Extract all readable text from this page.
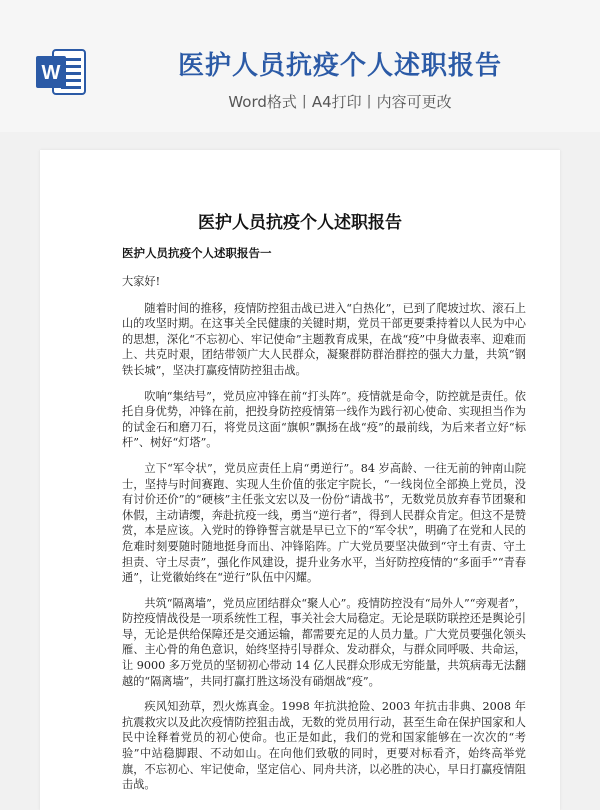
W	医护人员抗疫个人述职报告
Word格式丨A4打印丨内容可更改
医护人员抗疫个人述职报告
医护人员抗疫个人述职报告一

大家好!

随着时间的推移，疫情防控狙击战已进入“白热化”，已到了爬坡过坎、滚石上山的攻坚时期。在这事关全民健康的关键时期，党员干部更要秉持着以人民为中心的思想，深化“不忘初心、牢记使命”主题教育成果，在战“疫”中身做表率、迎难而上、共克时艰，团结带领广大人民群众，凝聚群防群治群控的强大力量，共筑“钢铁长城”，坚决打赢疫情防控狙击战。

吹响“集结号”，党员应冲锋在前“打头阵”。疫情就是命令，防控就是责任。依托自身优势，冲锋在前，把投身防控疫情第一线作为践行初心使命、实现担当作为的试金石和磨刀石，将党员这面“旗帜”飘扬在战“疫”的最前线，为后来者立好“标杆”、树好“灯塔”。

立下“军令状”，党员应责任上肩“勇逆行”。84 岁高龄、一往无前的钟南山院士，坚持与时间赛跑、实现人生价值的张定宇院长，“一线岗位全部换上党员，没有讨价还价”的“硬核”主任张文宏以及一份份“请战书”，无数党员放弃春节团聚和休假，主动请缨，奔赴抗疫一线，勇当“逆行者”，得到人民群众肯定。但这不是赞赏，本是应该。入党时的铮铮誓言就是早已立下的“军令状”，明确了在党和人民的危难时刻要随时随地挺身而出、冲锋陷阵。广大党员要坚决做到“守土有责、守土担责、守土尽责”，强化作风建设，提升业务水平，当好防控疫情的“多面手”“青春通”，让党徽始终在“逆行”队伍中闪耀。

共筑“隔离墙”，党员应团结群众“聚人心”。疫情防控没有“局外人”“旁观者”，防控疫情战役是一项系统性工程，事关社会大局稳定。无论是联防联控还是舆论引导，无论是供给保障还是交通运输，都需要充足的人员力量。广大党员要强化领头雁、主心骨的角色意识，始终坚持引导群众、发动群众，与群众同呼吸、共命运，让 9000 多万党员的坚韧初心带动 14 亿人民群众形成无穷能量，共筑病毒无法翻越的“隔离墙”，共同打赢打胜这场没有硝烟战“疫”。

疾风知劲草，烈火炼真金。1998 年抗洪抢险、2003 年抗击非典、2008 年抗震救灾以及此次疫情防控狙击战，无数的党员用行动，甚至生命在保护国家和人民中诠释着党员的初心使命。也正是如此，我们的党和国家能够在一次次的“考验”中站稳脚跟、不动如山。在向他们致敬的同时，更要对标看齐，始终高举党旗，不忘初心、牢记使命，坚定信心、同舟共济，以必胜的决心，早日打赢疫情阻击战。
